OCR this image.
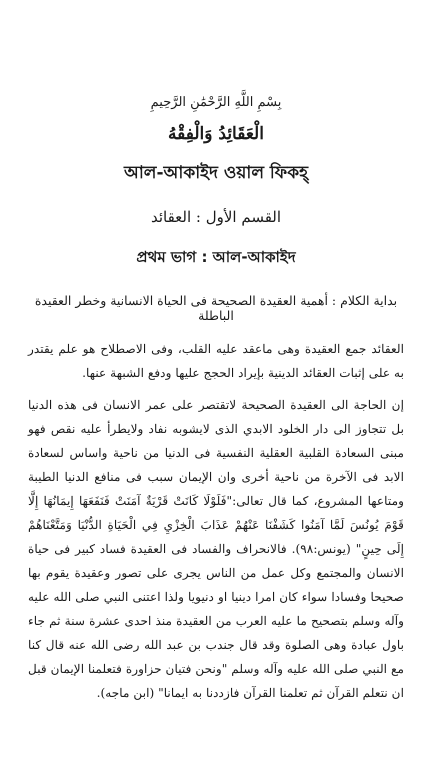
بِسْمِ اللَّهِ الرَّحْمَٰنِ الرَّحِيمِ

الْعَقَائِدُ وَالْفِقْهُ

আল-আকাইদ ওয়াল ফিকহ্

القسم الأول : العقائد

প্রথম ভাগ : আল-আকাইদ

بداية الكلام : أهمية العقيدة الصحيحة فى الحياة الانسانية وخطر العقيدة الباطلة

العقائد جمع العقيدة وهى ماعقد عليه القلب، وفى الاصطلاح هو علم يقتدر به على إثبات العقائد الدينية بإيراد الحجج عليها ودفع الشبهة عنها.

إن الحاجة الى العقيدة الصحيحة لاتقتصر على عمر الانسان فى هذه الدنيا بل تتجاوز الى دار الخلود الابدي الذى لايشوبه نفاد ولايطرأ عليه نقص فهو مبنى السعادة القلبية العقلية النفسية فى الدنيا من ناحية واساس لسعادة الابد فى الآخرة من ناحية أخرى وان الإيمان سبب فى منافع الدنيا الطيبة ومتاعها المشروع، كما قال تعالى:"فَلَوْلَا كَانَتْ قَرْيَةٌ آمَنَتْ فَنَفَعَهَا إِيمَانُهَا إِلَّا قَوْمَ يُونُسَ لَمَّا آمَنُوا كَشَفْنَا عَنْهُمْ عَذَابَ الْخِزْيِ فِي الْحَيَاةِ الدُّنْيَا وَمَتَّعْنَاهُمْ إِلَى حِينٍ" (يونس:٩٨). فالانحراف والفساد فى العقيدة فساد كبير فى حياة الانسان والمجتمع وكل عمل من الناس يجرى على تصور وعقيدة يقوم بها صحيحا وفسادا سواء كان امرا دينيا او دنيويا ولذا اعتنى النبي صلى الله عليه وآله وسلم بتصحيح ما عليه العرب من العقيدة منذ احدى عشرة سنة ثم جاء باول عبادة وهى الصلوة وقد قال جندب بن عبد الله رضى الله عنه قال كنا مع النبي صلى الله عليه وآله وسلم "ونحن فتيان حزاورة فتعلمنا الإيمان قبل ان نتعلم القرآن ثم تعلمنا القرآن فازددنا به ايمانا" (ابن ماجه).
